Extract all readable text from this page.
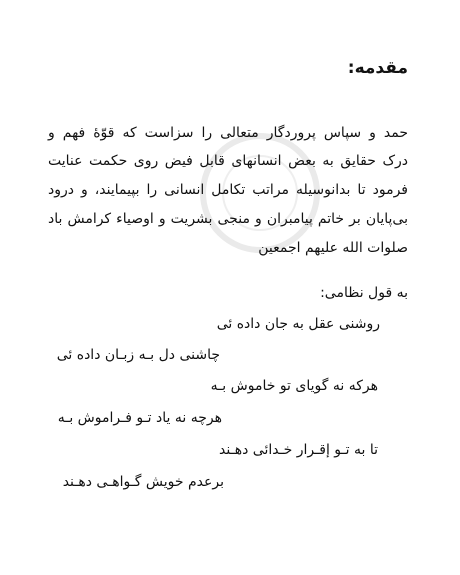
مقدمه:
حمد و سپاس پروردگار متعالی را سزاست که قوّهٔ فهم و
درک حقایق به بعض انسانهای قابل فیض روی حکمت عنایت
فرمود تا بدانوسیله مراتب تکامل انسانی را بپیمایند، و درود
بی‌پایان بر خاتم پیامبران و منجی بشریت و اوصیاء کرامش باد
صلوات الله علیهم اجمعین
به قول نظامی:
روشنی عقل به جان داده ئی
چاشنی دل بـه زبـان داده ئی
هرکه نه گویای تو خاموش بـه
هرچه نه یاد تـو فـراموش بـه
تا به تـو إقـرار خـدائی دهـند
برعدم خویش گـواهـی دهـند
